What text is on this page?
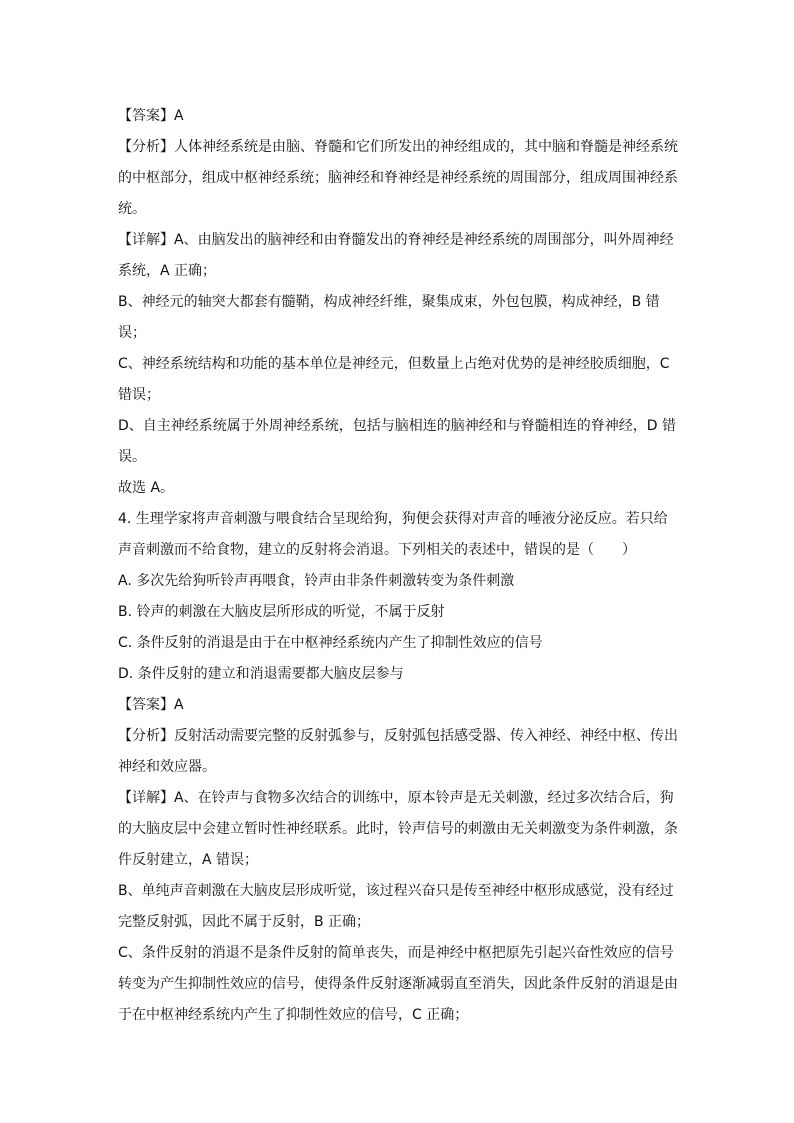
【答案】A

【分析】人体神经系统是由脑、脊髓和它们所发出的神经组成的，其中脑和脊髓是神经系统的中枢部分，组成中枢神经系统；脑神经和脊神经是神经系统的周围部分，组成周围神经系统。

【详解】A、由脑发出的脑神经和由脊髓发出的脊神经是神经系统的周围部分，叫外周神经系统，A 正确；

B、神经元的轴突大都套有髓鞘，构成神经纤维，聚集成束，外包包膜，构成神经，B 错误；

C、神经系统结构和功能的基本单位是神经元，但数量上占绝对优势的是神经胶质细胞，C 错误；

D、自主神经系统属于外周神经系统，包括与脑相连的脑神经和与脊髓相连的脊神经，D 错误。

故选 A。

4. 生理学家将声音刺激与喂食结合呈现给狗，狗便会获得对声音的唾液分泌反应。若只给声音刺激而不给食物，建立的反射将会消退。下列相关的表述中，错误的是（　　）

A. 多次先给狗听铃声再喂食，铃声由非条件刺激转变为条件刺激

B. 铃声的刺激在大脑皮层所形成的听觉，不属于反射

C. 条件反射的消退是由于在中枢神经系统内产生了抑制性效应的信号

D. 条件反射的建立和消退需要都大脑皮层参与

【答案】A

【分析】反射活动需要完整的反射弧参与，反射弧包括感受器、传入神经、神经中枢、传出神经和效应器。

【详解】A、在铃声与食物多次结合的训练中，原本铃声是无关刺激，经过多次结合后，狗的大脑皮层中会建立暂时性神经联系。此时，铃声信号的刺激由无关刺激变为条件刺激，条件反射建立，A 错误；

B、单纯声音刺激在大脑皮层形成听觉，该过程兴奋只是传至神经中枢形成感觉，没有经过完整反射弧，因此不属于反射，B 正确；

C、条件反射的消退不是条件反射的简单丧失，而是神经中枢把原先引起兴奋性效应的信号转变为产生抑制性效应的信号，使得条件反射逐渐减弱直至消失，因此条件反射的消退是由于在中枢神经系统内产生了抑制性效应的信号，C 正确；
